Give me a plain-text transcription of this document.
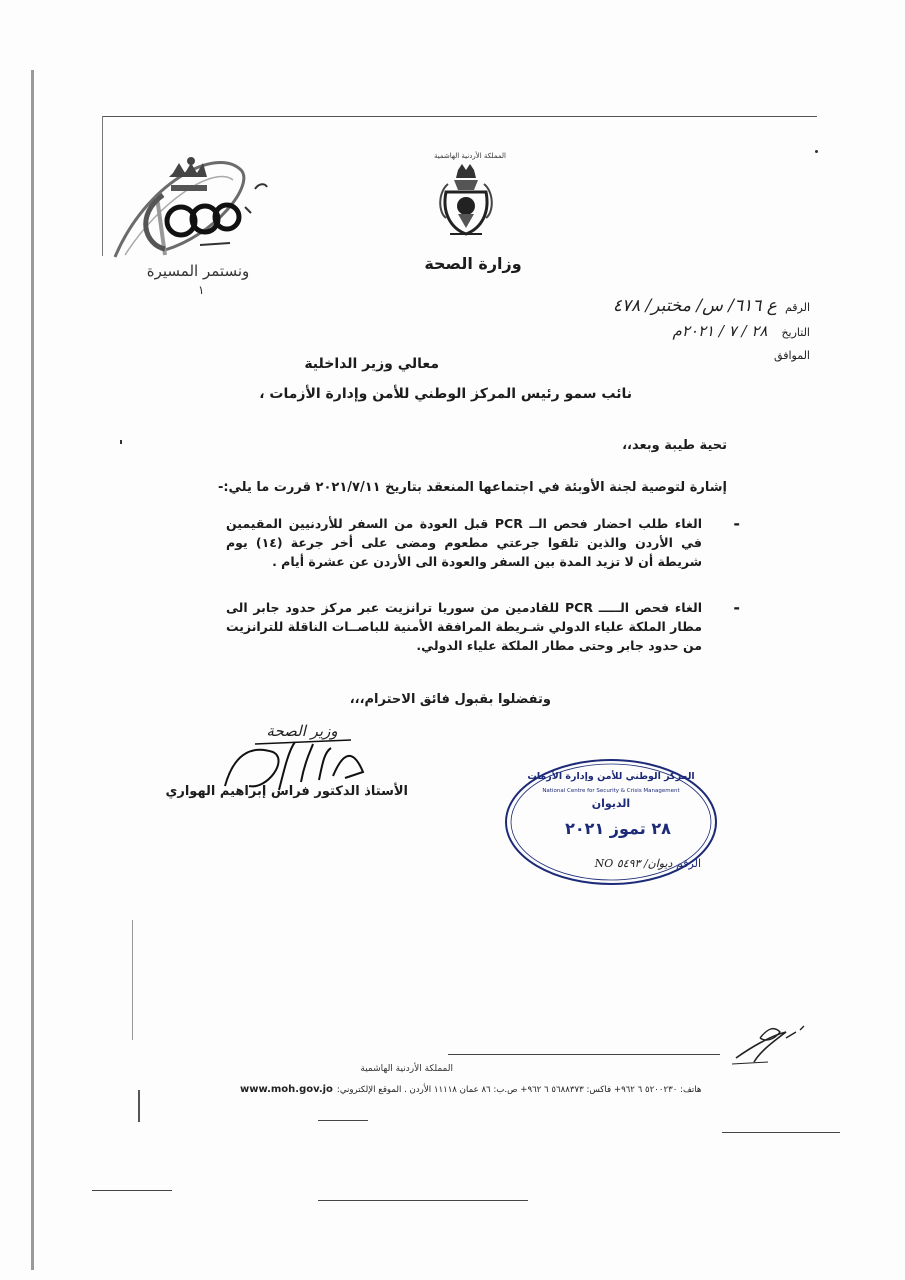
ونستمر المسيرة
١
المملكة الأردنية الهاشمية
وزارة الصحة
الرقم
ع ٦١٦/ س/ مختبر/ ٤٧٨
التاريخ
٢٨ / ٧ / ٢٠٢١م
الموافق
معالي وزير الداخلية
نائب سمو رئيس المركز الوطني للأمن وإدارة الأزمات ،
تحية طيبة وبعد،،
إشارة لتوصية لجنة الأوبئة في اجتماعها المنعقد بتاريخ ٢٠٢١/٧/١١ قررت ما يلي:-
-
الغاء طلب احضار فحص الــ PCR قبل العودة من السفر للأردنيين المقيمين في الأردن والذين تلقوا جرعتي مطعوم ومضى على أخر جرعة (١٤) يوم شريطة أن لا تزيد المدة بين السفر والعودة الى الأردن عن عشرة أيام .
-
الغاء فحص الـــــ PCR للقادمين من سوريا ترانزيت عبر مركز حدود جابر الى مطار الملكة علياء الدولي شـريطة المرافقة الأمنية للباصــات الناقلة للترانزيت من حدود جابر وحتى مطار الملكة علياء الدولي.
وتفضلوا بقبول فائق الاحترام،،،
وزير الصحة
الأستاذ الدكتور فراس إبراهيم الهواري
المركز الوطني للأمن وإدارة الأزمات
National Centre for Security & Crisis Management
الديوان
٢٨ تموز ٢٠٢١
الرقم ديوان/ ٥٤٩٣ NO
المملكة الأردنية الهاشمية
www.moh.gov.jo هاتف: ٥٢٠٠٢٣٠ ٦ ٩٦٢+ فاكس: ٥٦٨٨٣٧٣ ٦ ٩٦٢+ ص.ب: ٨٦ عمان ١١١١٨ الأردن . الموقع الإلكتروني:
